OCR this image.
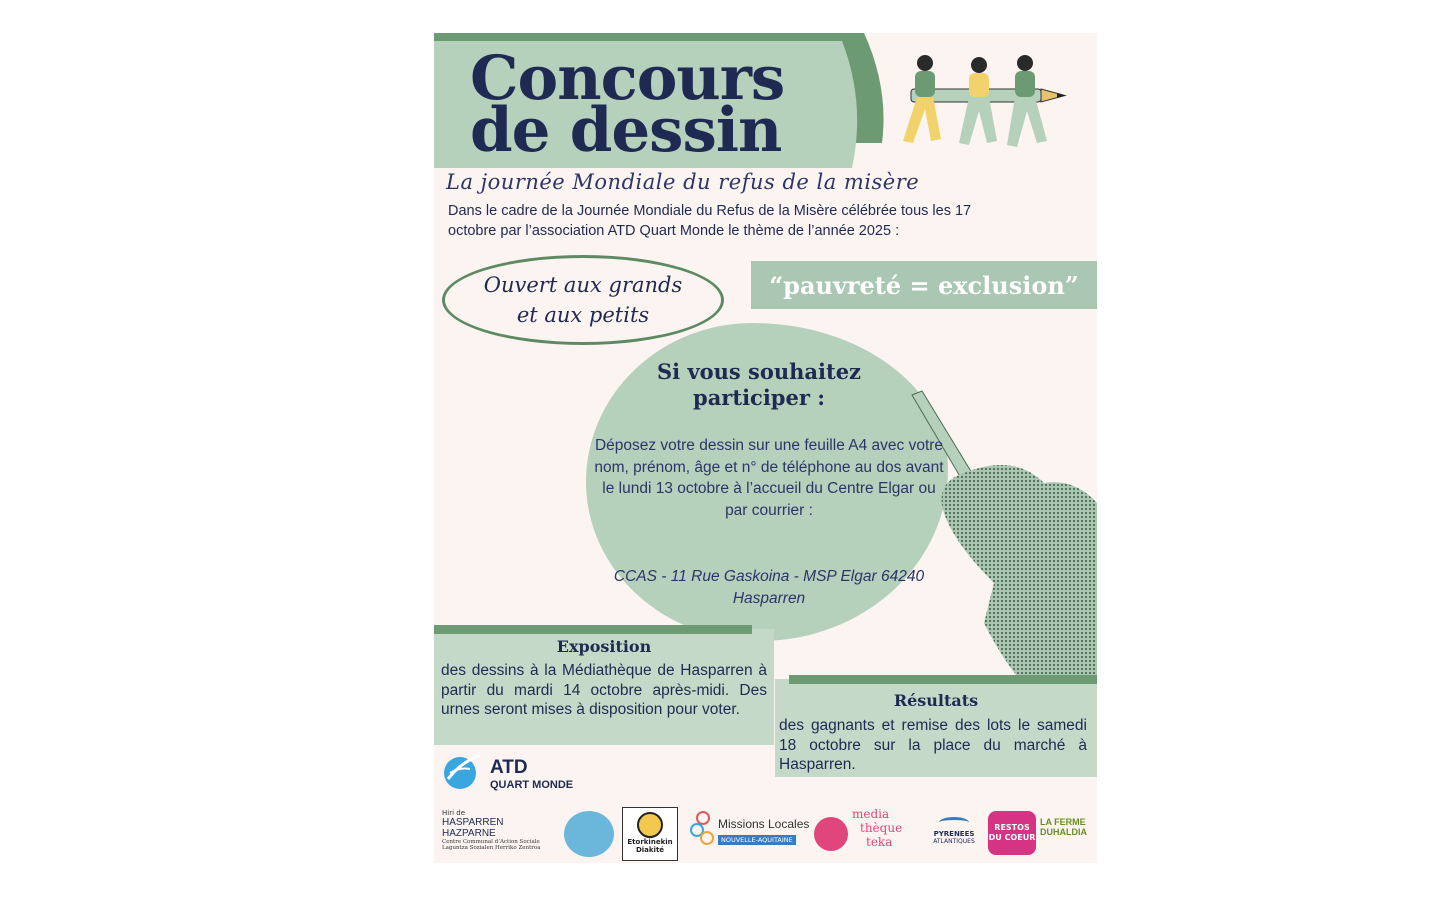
Concours
de dessin
La journée Mondiale du refus de la misère
Dans le cadre de la Journée Mondiale du Refus de la Misère célébrée tous les 17 octobre par l’association ATD Quart Monde le thème de l’année 2025 :
Ouvert aux grands
et aux petits
“pauvreté = exclusion”
Si vous souhaitez
participer :
Déposez votre dessin sur une feuille A4 avec votre nom, prénom, âge et n° de téléphone au dos avant le lundi 13 octobre à l’accueil du Centre Elgar ou par courrier :
CCAS - 11 Rue Gaskoina - MSP Elgar 64240 Hasparren
Exposition
des dessins à la Médiathèque de Hasparren à partir du mardi 14 octobre après-midi. Des urnes seront mises à disposition pour voter.	Résultats
des gagnants et remise des lots le samedi 18 octobre sur la place du marché à Hasparren.
ATD
QUART MONDE
Hiri de
HASPARREN
HAZPARNE
Centre Communal d’Action Sociale
Laguntza Sozialen Herriko Zentroa
Etorkinekin
Diakité
Missions Locales
NOUVELLE-AQUITAINE
media
thèque
teka
PYRENEES
ATLANTIQUES
RESTOS DU COEUR
LA FERME
DUHALDIA
